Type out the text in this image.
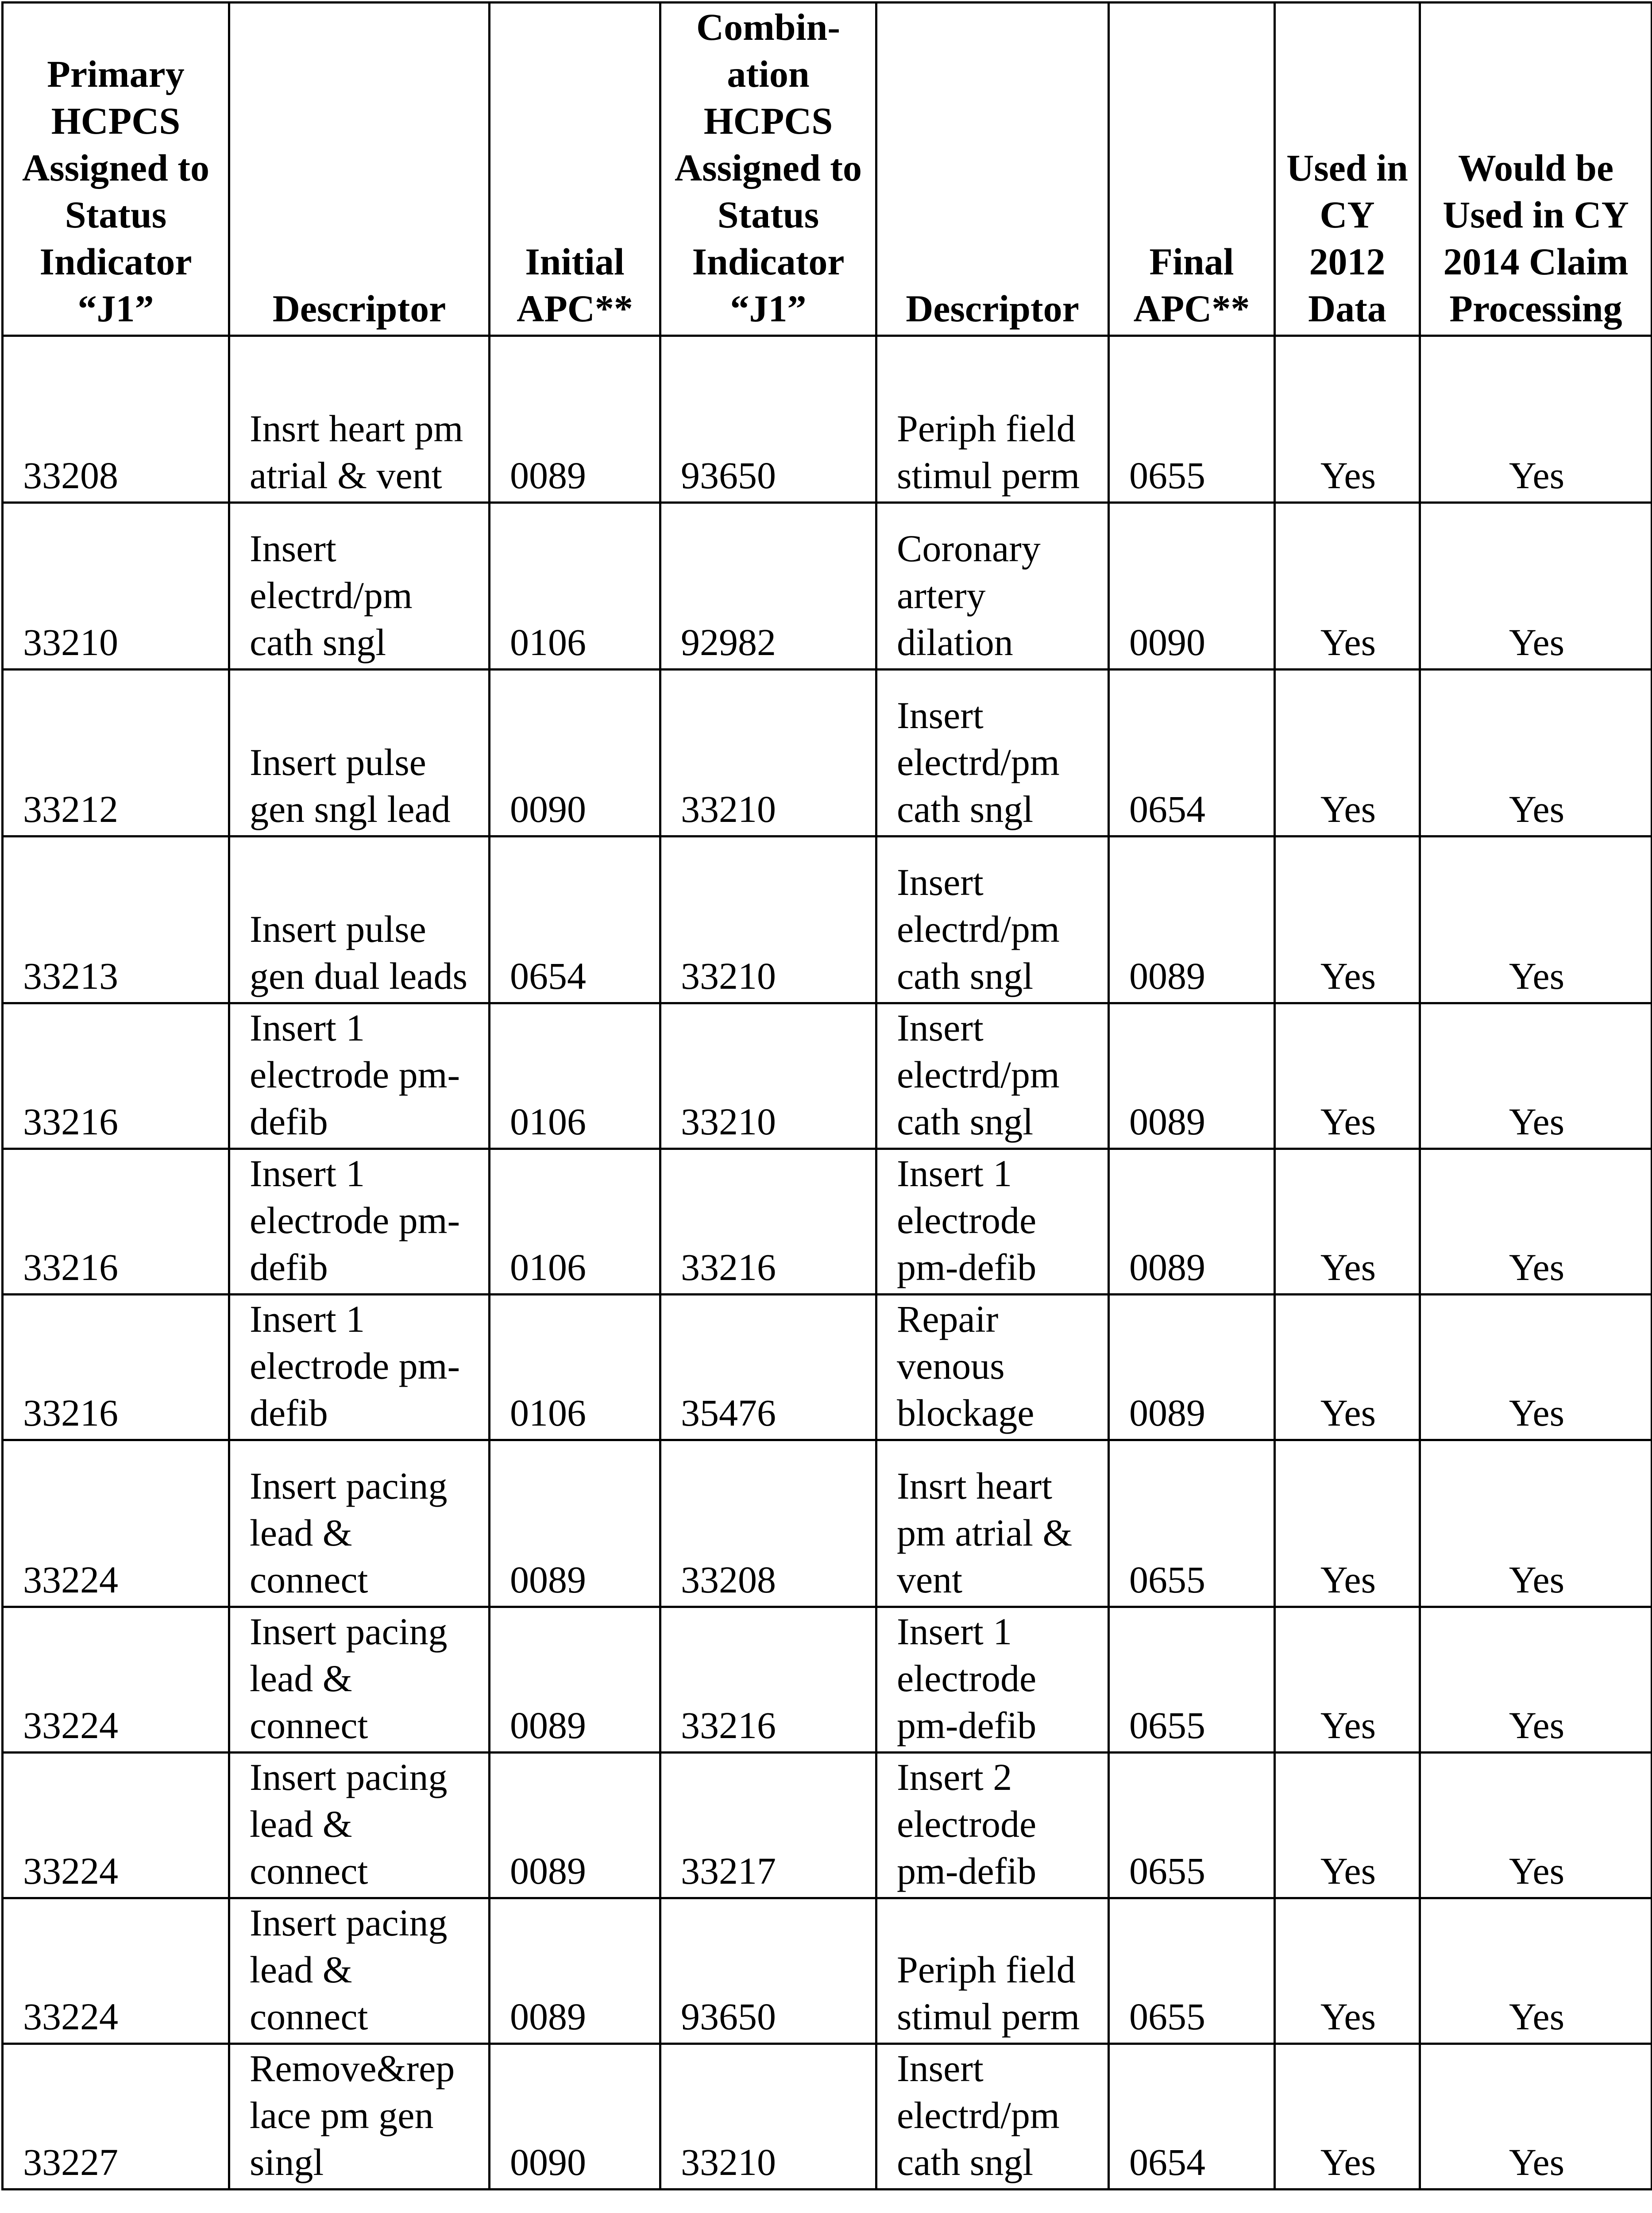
Primary HCPCS Assigned to Status Indicator “J1”	Descriptor	Initial APC**	Combin-ation HCPCS Assigned to Status Indicator “J1”	Descriptor	Final APC**	Used in CY 2012 Data	Would be Used in CY 2014 Claim Processing
33208	Insrt heart pm atrial & vent	0089	93650	Periph field stimul perm	0655	Yes	Yes
33210	Insert electrd/pm cath sngl	0106	92982	Coronary artery dilation	0090	Yes	Yes
33212	Insert pulse gen sngl lead	0090	33210	Insert electrd/pm cath sngl	0654	Yes	Yes
33213	Insert pulse gen dual leads	0654	33210	Insert electrd/pm cath sngl	0089	Yes	Yes
33216	Insert 1 electrode pm-defib	0106	33210	Insert electrd/pm cath sngl	0089	Yes	Yes
33216	Insert 1 electrode pm-defib	0106	33216	Insert 1 electrode pm-defib	0089	Yes	Yes
33216	Insert 1 electrode pm-defib	0106	35476	Repair venous blockage	0089	Yes	Yes
33224	Insert pacing lead & connect	0089	33208	Insrt heart pm atrial & vent	0655	Yes	Yes
33224	Insert pacing lead & connect	0089	33216	Insert 1 electrode pm-defib	0655	Yes	Yes
33224	Insert pacing lead & connect	0089	33217	Insert 2 electrode pm-defib	0655	Yes	Yes
33224	Insert pacing lead & connect	0089	93650	Periph field stimul perm	0655	Yes	Yes
33227	Remove&rep lace pm gen singl	0090	33210	Insert electrd/pm cath sngl	0654	Yes	Yes
